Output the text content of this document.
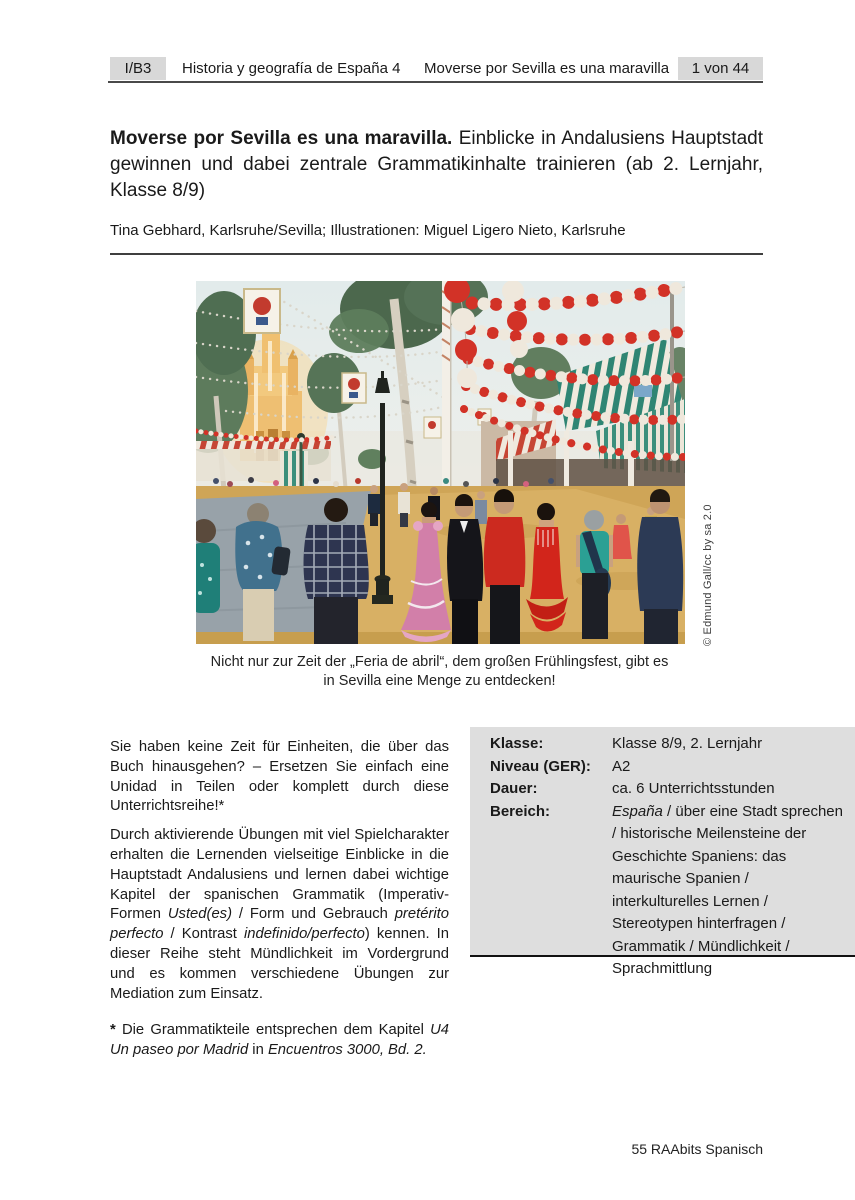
I/B3	Historia y geografía de España 4 Moverse por Sevilla es una maravilla	1 von 44
Moverse por Sevilla es una maravilla. Einblicke in Andalusiens Hauptstadt gewinnen und dabei zentrale Grammatikinhalte trainieren (ab 2. Lernjahr, Klasse 8/9)
Tina Gebhard, Karlsruhe/Sevilla; Illustrationen: Miguel Ligero Nieto, Karlsruhe
© Edmund Gall/cc by sa 2.0
Nicht nur zur Zeit der „Feria de abril“, dem großen Frühlingsfest, gibt es
in Sevilla eine Menge zu entdecken!

Sie haben keine Zeit für Einheiten, die über das Buch hinausgehen? – Ersetzen Sie einfach eine Unidad in Teilen oder komplett durch diese Unterrichtsreihe!*

Durch aktivierende Übungen mit viel Spielcharakter erhalten die Lernenden vielseitige Einblicke in die Hauptstadt Andalusiens und lernen dabei wichtige Kapitel der spanischen Grammatik (Imperativ-Formen Usted(es) / Form und Gebrauch pretérito perfecto / Kontrast indefinido/perfecto) kennen. In dieser Reihe steht Mündlichkeit im Vordergrund und es kommen verschiedene Übungen zur Mediation zum Einsatz.

* Die Grammatikteile entsprechen dem Kapitel U4 Un paseo por Madrid in Encuentros 3000, Bd. 2.

Klasse:	Klasse 8/9, 2. Lernjahr
Niveau (GER):	A2
Dauer:	ca. 6 Unterrichtsstunden
Bereich:	España / über eine Stadt sprechen / historische Meilensteine der Geschichte Spaniens: das maurische Spanien / interkulturelles Lernen / Stereotypen hinterfragen / Grammatik / Mündlichkeit / Sprachmittlung
55 RAAbits Spanisch
